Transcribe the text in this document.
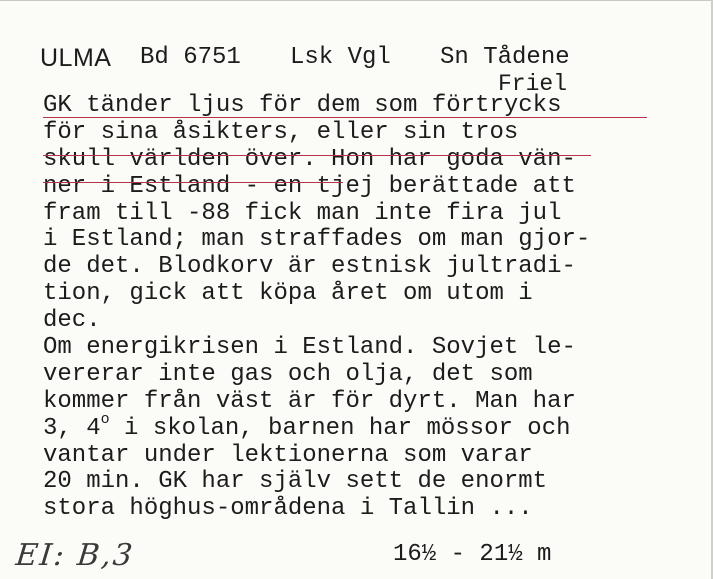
ULMA Bd 6751 Lsk Vgl Sn Tådene
Friel
GK tänder ljus för dem som förtrycks
för sina åsikters, eller sin tros
skull världen över. Hon har goda vän-
ner i Estland - en tjej berättade att
fram till -88 fick man inte fira jul
i Estland; man straffades om man gjor-
de det. Blodkorv är estnisk jultradi-
tion, gick att köpa året om utom i
dec.
Om energikrisen i Estland. Sovjet le-
vererar inte gas och olja, det som
kommer från väst är för dyrt. Man har
3, 4$^o$ i skolan, barnen har mössor och
vantar under lektionerna som varar
20 min. GK har själv sett de enormt
stora höghus-områdena i Tallin ...
EI: B,3	16½ - 21½ m
